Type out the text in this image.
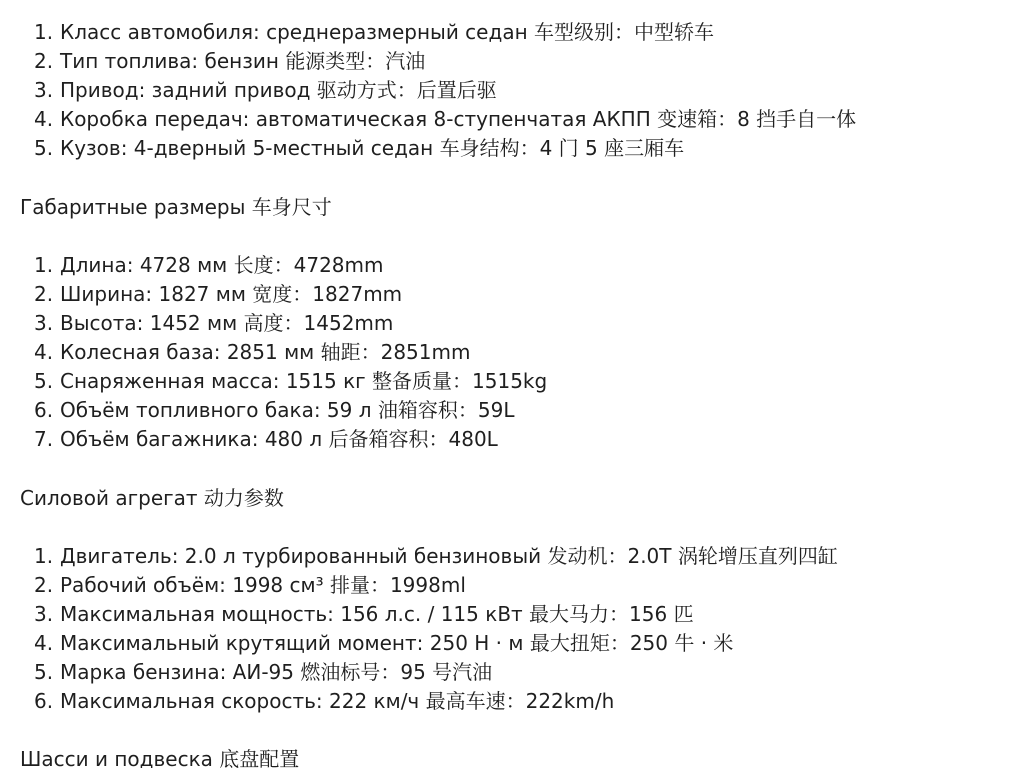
1. Класс автомобиля: среднеразмерный седан 车型级别：中型轿车
2. Тип топлива: бензин 能源类型：汽油
3. Привод: задний привод 驱动方式：后置后驱
4. Коробка передач: автоматическая 8-ступенчатая АКПП 变速箱：8 挡手自一体
5. Кузов: 4-дверный 5-местный седан 车身结构：4 门 5 座三厢车
Габаритные размеры 车身尺寸
1. Длина: 4728 мм 长度：4728mm
2. Ширина: 1827 мм 宽度：1827mm
3. Высота: 1452 мм 高度：1452mm
4. Колесная база: 2851 мм 轴距：2851mm
5. Снаряженная масса: 1515 кг 整备质量：1515kg
6. Объём топливного бака: 59 л 油箱容积：59L
7. Объём багажника: 480 л 后备箱容积：480L
Силовой агрегат 动力参数
1. Двигатель: 2.0 л турбированный бензиновый 发动机：2.0T 涡轮增压直列四缸
2. Рабочий объём: 1998 см³ 排量：1998ml
3. Максимальная мощность: 156 л.с. / 115 кВт 最大马力：156 匹
4. Максимальный крутящий момент: 250 Н · м 最大扭矩：250 牛 · 米
5. Марка бензина: АИ-95 燃油标号：95 号汽油
6. Максимальная скорость: 222 км/ч 最高车速：222km/h
Шасси и подвеска 底盘配置
